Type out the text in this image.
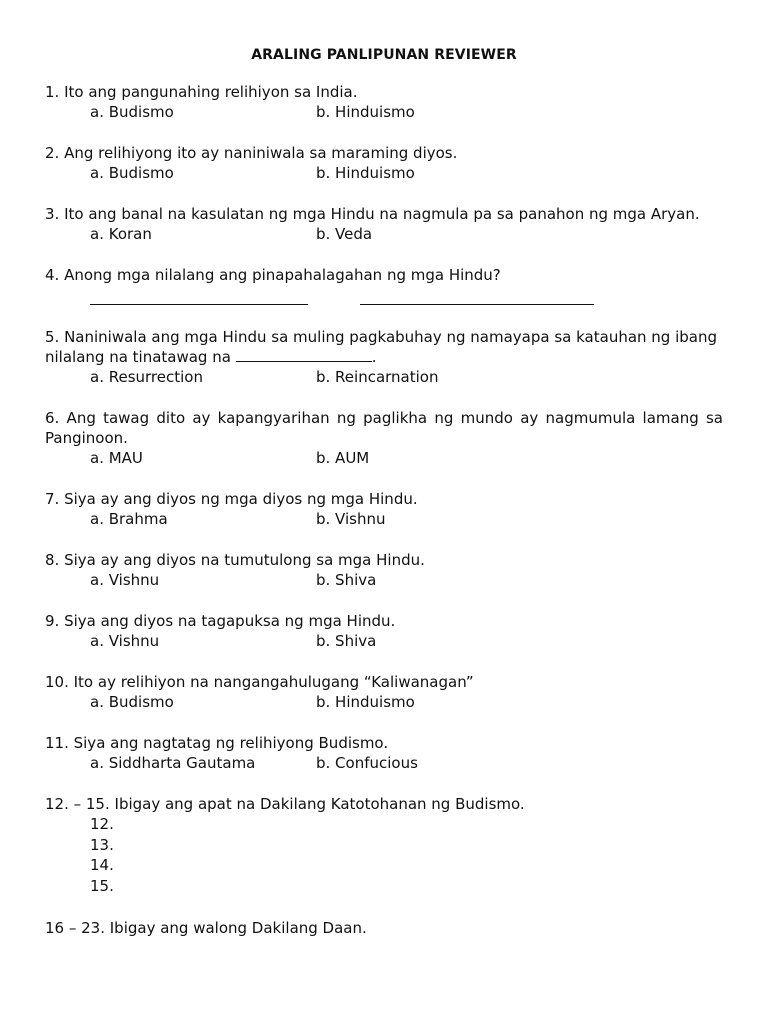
ARALING PANLIPUNAN REVIEWER
1. Ito ang pangunahing relihiyon sa India.
a. Budismo	b. Hinduismo
2. Ang relihiyong ito ay naniniwala sa maraming diyos.
a. Budismo	b. Hinduismo
3. Ito ang banal na kasulatan ng mga Hindu na nagmula pa sa panahon ng mga Aryan.
a. Koran	b. Veda
4. Anong mga nilalang ang pinapahalagahan ng mga Hindu?
5. Naniniwala ang mga Hindu sa muling pagkabuhay ng namayapa sa katauhan ng ibang
nilalang na tinatawag na	.
a. Resurrection	b. Reincarnation
6. Ang tawag dito ay kapangyarihan ng paglikha ng mundo ay nagmumula lamang sa Panginoon.
a. MAU	b. AUM
7. Siya ay ang diyos ng mga diyos ng mga Hindu.
a. Brahma	b. Vishnu
8. Siya ay ang diyos na tumutulong sa mga Hindu.
a. Vishnu	b. Shiva
9. Siya ang diyos na tagapuksa ng mga Hindu.
a. Vishnu	b. Shiva
10. Ito ay relihiyon na nangangahulugang “Kaliwanagan”
a. Budismo	b. Hinduismo
11. Siya ang nagtatag ng relihiyong Budismo.
a. Siddharta Gautama	b. Confucious
12. – 15. Ibigay ang apat na Dakilang Katotohanan ng Budismo.
12.
13.
14.
15.
16 – 23. Ibigay ang walong Dakilang Daan.
